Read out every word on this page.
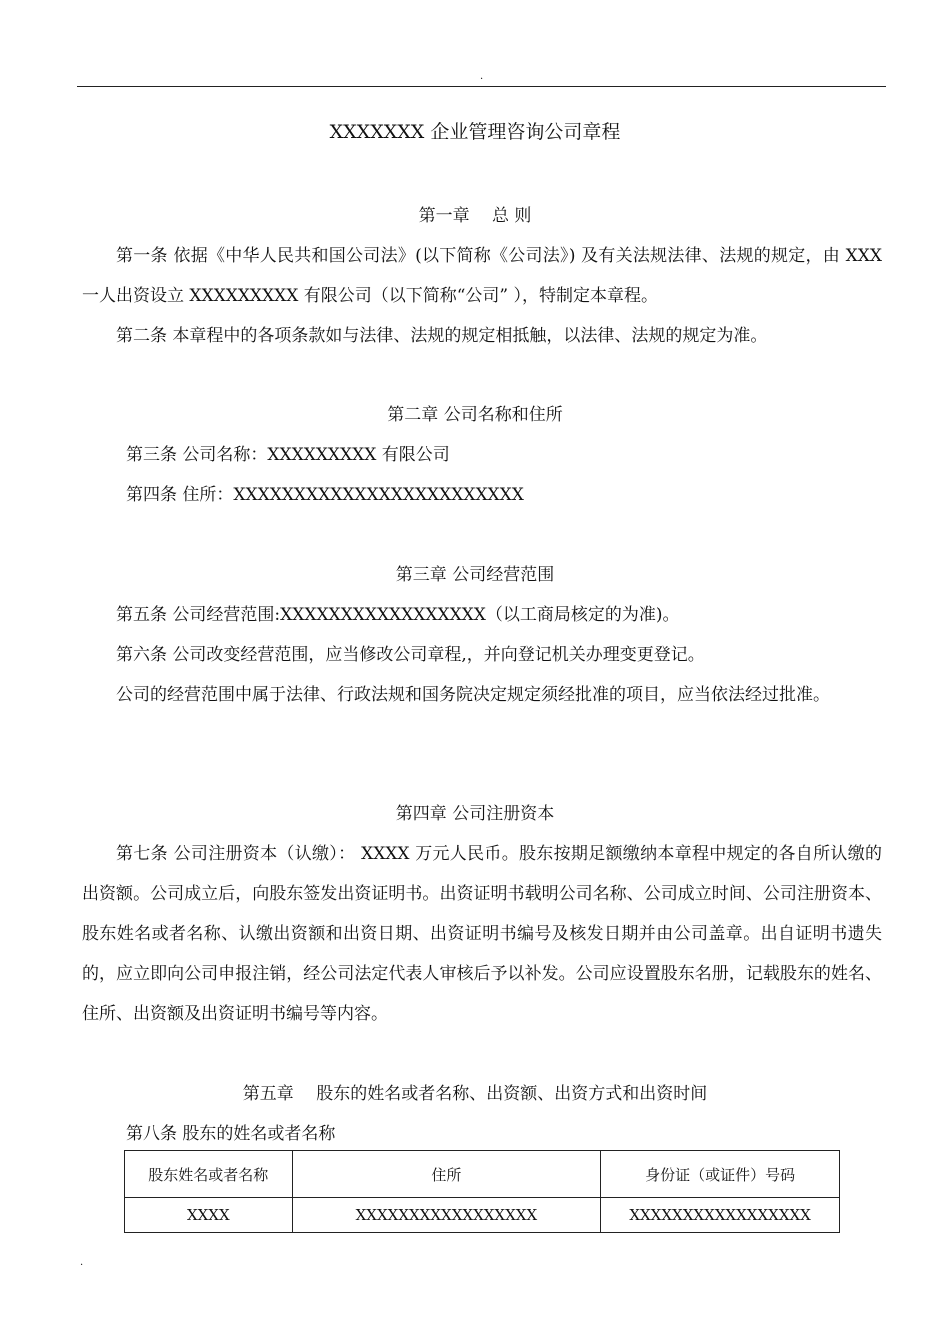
.
XXXXXXX 企业管理咨询公司章程
第一章　 总 则

第一条 依据《中华人民共和国公司法》(以下简称《公司法》) 及有关法规法律、法规的规定，由 XXX 一人出资设立 XXXXXXXXX 有限公司（以下简称“公司” ），特制定本章程。

第二条 本章程中的各项条款如与法律、法规的规定相抵触，以法律、法规的规定为准。

第二章 公司名称和住所
第三条 公司名称：XXXXXXXXX 有限公司
第四条 住所：XXXXXXXXXXXXXXXXXXXXXXXX
第三章 公司经营范围

第五条 公司经营范围:XXXXXXXXXXXXXXXXX（以工商局核定的为准)。

第六条 公司改变经营范围，应当修改公司章程,，并向登记机关办理变更登记。

公司的经营范围中属于法律、行政法规和国务院决定规定须经批准的项目，应当依法经过批准。

第四章 公司注册资本

第七条 公司注册资本（认缴）： XXXX 万元人民币。股东按期足额缴纳本章程中规定的各自所认缴的出资额。公司成立后，向股东签发出资证明书。出资证明书载明公司名称、公司成立时间、公司注册资本、股东姓名或者名称、认缴出资额和出资日期、出资证明书编号及核发日期并由公司盖章。出自证明书遗失的，应立即向公司申报注销，经公司法定代表人审核后予以补发。公司应设置股东名册，记载股东的姓名、住所、出资额及出资证明书编号等内容。

第五章　 股东的姓名或者名称、出资额、出资方式和出资时间
第八条 股东的姓名或者名称
股东姓名或者名称	住所	身份证（或证件）号码
XXXX	XXXXXXXXXXXXXXXXX	XXXXXXXXXXXXXXXXX
.
